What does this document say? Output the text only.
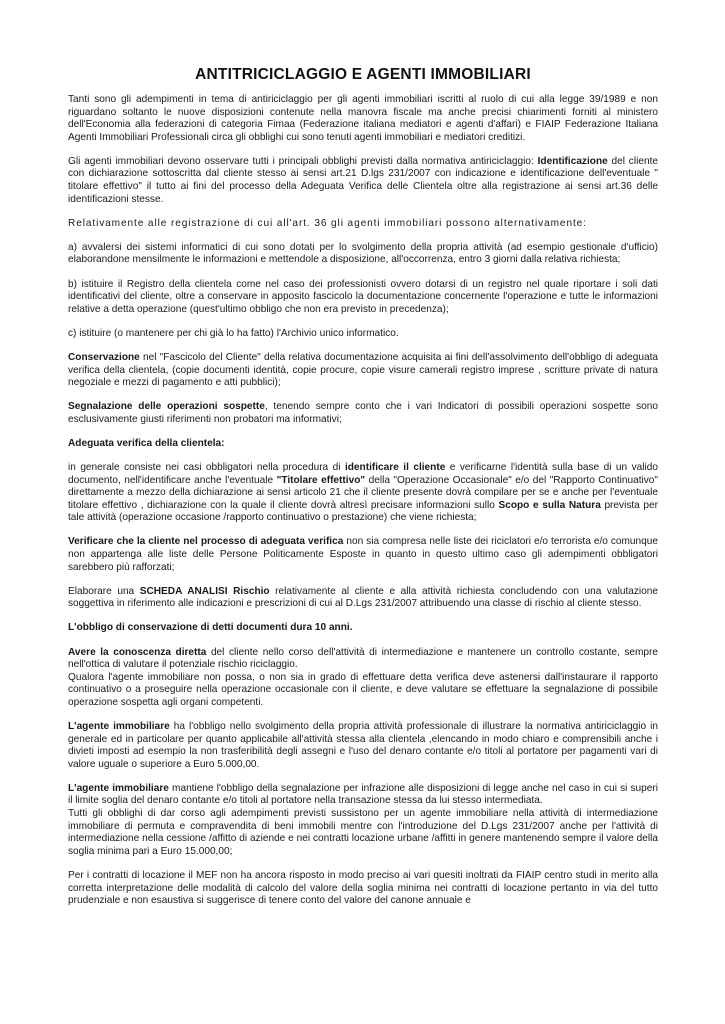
ANTITRICICLAGGIO E AGENTI IMMOBILIARI

Tanti sono gli adempimenti in tema di antiriciclaggio per gli agenti immobiliari iscritti al ruolo di cui alla legge 39/1989 e non riguardano soltanto le nuove disposizioni contenute nella manovra fiscale ma anche precisi chiarimenti forniti al ministero dell'Economia alla federazioni di categoria Fimaa (Federazione italiana mediatori e agenti d'affari) e FIAIP Federazione Italiana Agenti Immobiliari Professionali circa gli obblighi cui sono tenuti agenti immobiliari e mediatori creditizi.

Gli agenti immobiliari devono osservare tutti i principali obblighi previsti dalla normativa antiriciclaggio: Identificazione del cliente con dichiarazione sottoscritta dal cliente stesso ai sensi art.21 D.lgs 231/2007 con indicazione e identificazione dell'eventuale " titolare effettivo" il tutto ai fini del processo della Adeguata Verifica delle Clientela oltre alla registrazione ai sensi art.36 delle identificazioni stesse.

Relativamente alle registrazione di cui all'art. 36 gli agenti immobiliari possono alternativamente:

a) avvalersi dei sistemi informatici di cui sono dotati per lo svolgimento della propria attività (ad esempio gestionale d'ufficio) elaborandone mensilmente le informazioni e mettendole a disposizione, all'occorrenza, entro 3 giorni dalla relativa richiesta;

b) istituire il Registro della clientela come nel caso dei professionisti ovvero dotarsi di un registro nel quale riportare i soli dati identificativi del cliente, oltre a conservare in apposito fascicolo la documentazione concernente l'operazione e tutte le informazioni relative a detta operazione (quest'ultimo obbligo che non era previsto in precedenza);

c) istituire (o mantenere per chi già lo ha fatto) l'Archivio unico informatico.

Conservazione nel "Fascicolo del Cliente" della relativa documentazione acquisita ai fini dell'assolvimento dell'obbligo di adeguata verifica della clientela, (copie documenti identità, copie procure, copie visure camerali registro imprese , scritture private di natura negoziale e mezzi di pagamento e atti pubblici);

Segnalazione delle operazioni sospette, tenendo sempre conto che i vari Indicatori di possibili operazioni sospette sono esclusivamente giusti riferimenti non probatori ma informativi;

Adeguata verifica della clientela:

in generale consiste nei casi obbligatori nella procedura di identificare il cliente e verificarne l'identità sulla base di un valido documento, nell'identificare anche l'eventuale "Titolare effettivo" della "Operazione Occasionale" e/o del "Rapporto Continuativo" direttamente a mezzo della dichiarazione ai sensi articolo 21 che il cliente presente dovrà compilare per se e anche per l'eventuale titolare effettivo , dichiarazione con la quale il cliente dovrà altresì precisare informazioni sullo Scopo e sulla Natura prevista per tale attività (operazione occasione /rapporto continuativo o prestazione) che viene richiesta;

Verificare che la cliente nel processo di adeguata verifica non sia compresa nelle liste dei riciclatori e/o terrorista e/o comunque non appartenga alle liste delle Persone Politicamente Esposte in quanto in questo ultimo caso gli adempimenti obbligatori sarebbero più rafforzati;

Elaborare una SCHEDA ANALISI Rischio relativamente al cliente e alla attività richiesta concludendo con una valutazione soggettiva in riferimento alle indicazioni e prescrizioni di cui al D.Lgs 231/2007 attribuendo una classe di rischio al cliente stesso.

L'obbligo di conservazione di detti documenti dura 10 anni.

Avere la conoscenza diretta del cliente nello corso dell'attività di intermediazione e mantenere un controllo costante, sempre nell'ottica di valutare il potenziale rischio riciclaggio.

Qualora l'agente immobiliare non possa, o non sia in grado di effettuare detta verifica deve astenersi dall'instaurare il rapporto continuativo o a proseguire nella operazione occasionale con il cliente, e deve valutare se effettuare la segnalazione di possibile operazione sospetta agli organi competenti.

L'agente immobiliare ha l'obbligo nello svolgimento della propria attività professionale di illustrare la normativa antiriciclaggio in generale ed in particolare per quanto applicabile all'attività stessa alla clientela ,elencando in modo chiaro e comprensibili anche i divieti imposti ad esempio la non trasferibilità degli assegni e l'uso del denaro contante e/o titoli al portatore per pagamenti vari di valore uguale o superiore a Euro 5.000,00.

L'agente immobiliare mantiene l'obbligo della segnalazione per infrazione alle disposizioni di legge anche nel caso in cui si superi il limite soglia del denaro contante e/o titoli al portatore nella transazione stessa da lui stesso intermediata.

Tutti gli obblighi di dar corso agli adempimenti previsti sussistono per un agente immobiliare nella attività di intermediazione immobiliare di permuta e compravendita di beni immobili mentre con l'introduzione del D.Lgs 231/2007 anche per l'attività di intermediazione nella cessione /affitto di aziende e nei contratti locazione urbane /affitti in genere mantenendo sempre il valore della soglia minima pari a Euro 15.000,00;

Per i contratti di locazione il MEF non ha ancora risposto in modo preciso ai vari quesiti inoltrati da FIAIP centro studi in merito alla corretta interpretazione delle modalità di calcolo del valore della soglia minima nei contratti di locazione pertanto in via del tutto prudenziale e non esaustiva si suggerisce di tenere conto del valore del canone annuale e
